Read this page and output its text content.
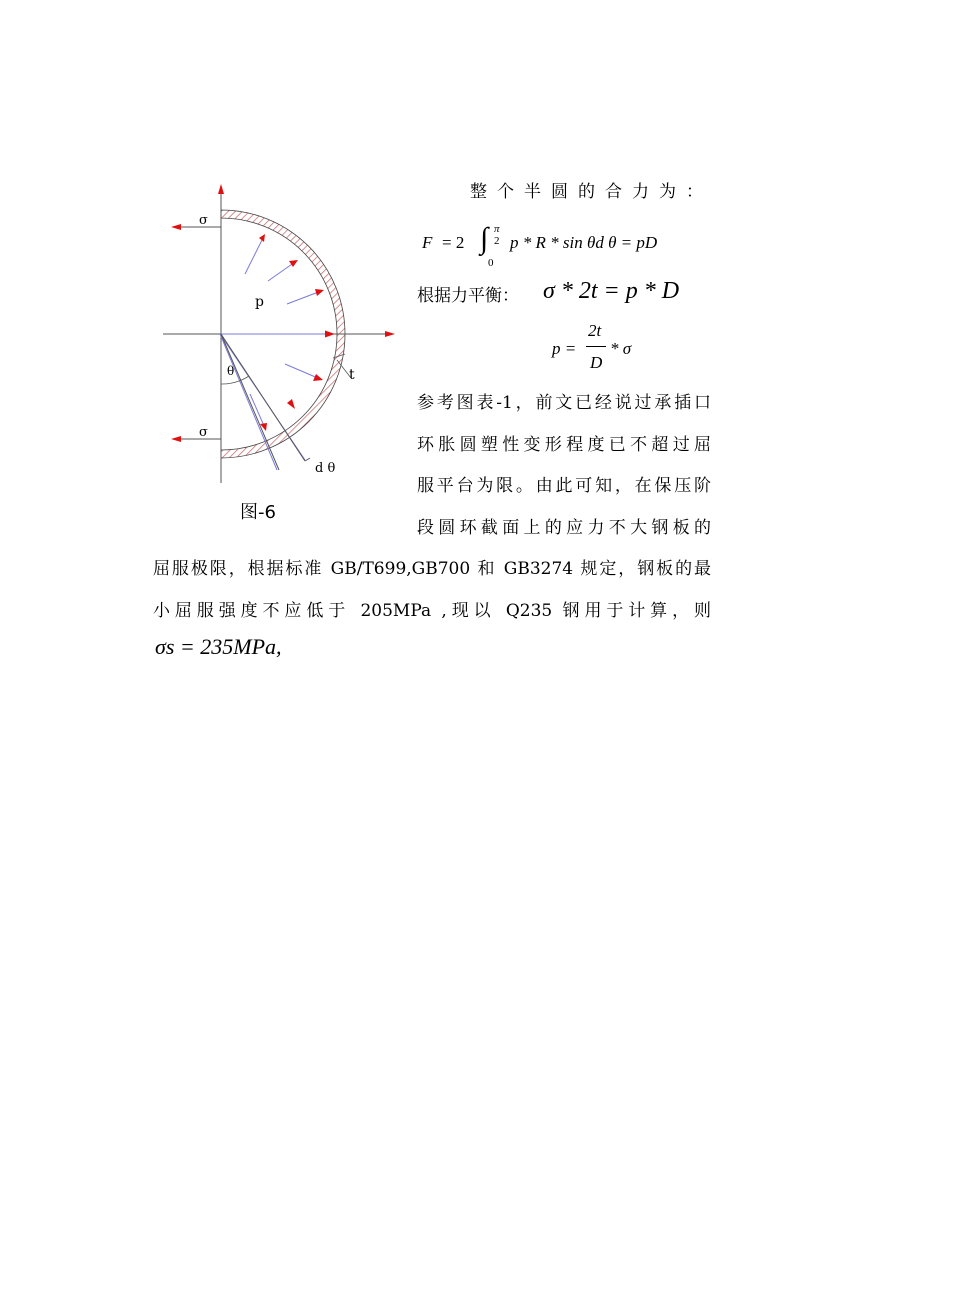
σ
σ
p
θ
d θ
t
图-6
整个半圆的合力为：
F = 2 ∫ π
2
0
p * R * sin θd θ = pD
根据力平衡： σ * 2t = p * D
p =
2t
D
* σ
参考图表-1，前文已经说过承插口
环胀圆塑性变形程度已不超过屈
服平台为限。由此可知，在保压阶
段圆环截面上的应力不大钢板的
屈服极限，根据标准 GB/T699,GB700 和 GB3274 规定，钢板的最
小屈服强度不应低于 205MPa ,现以 Q235 钢用于计算，则
σs = 235MPa,
